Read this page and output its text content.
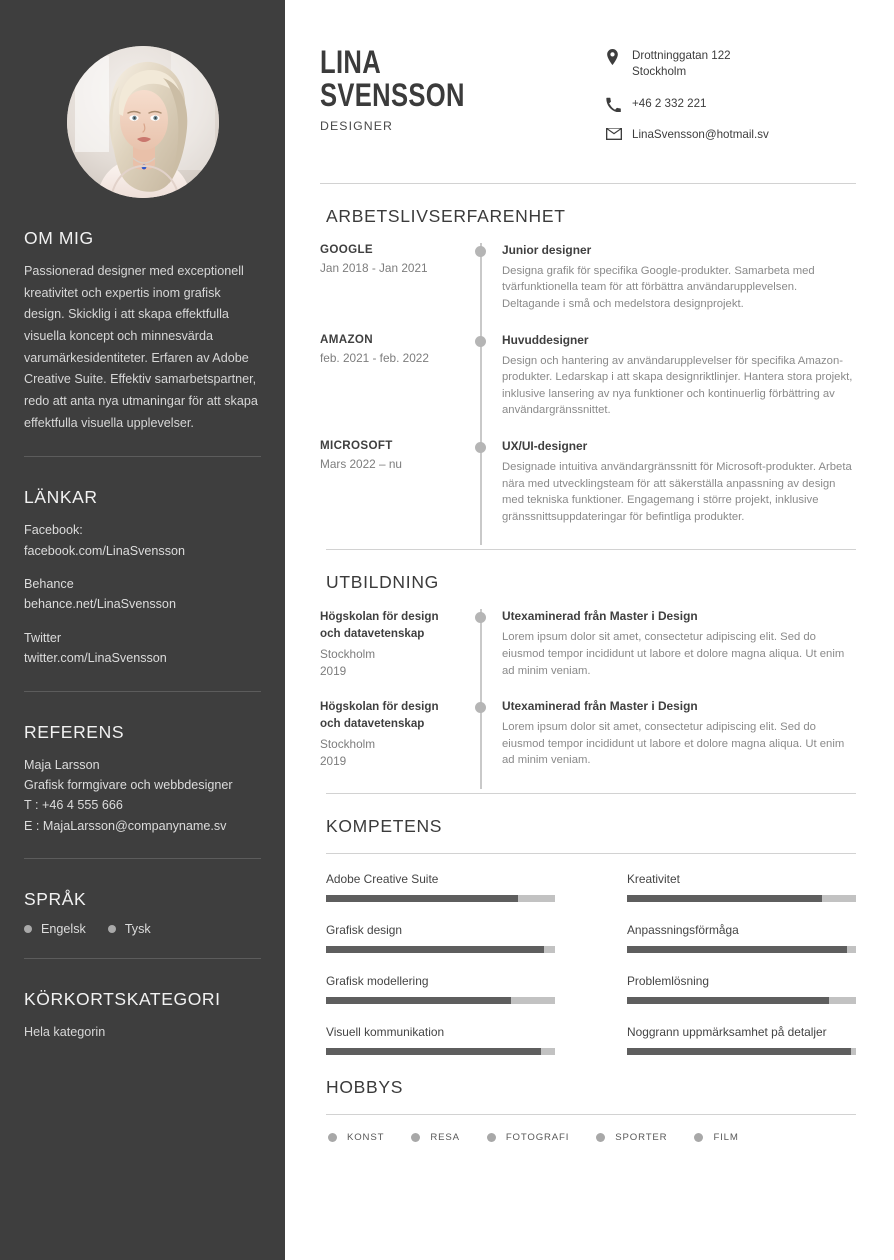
OM MIG

Passionerad designer med exceptionell kreativitet och expertis inom grafisk design. Skicklig i att skapa effektfulla visuella koncept och minnesvärda varumärkesidentiteter. Erfaren av Adobe Creative Suite. Effektiv samarbetspartner, redo att anta nya utmaningar för att skapa effektfulla visuella upplevelser.

LÄNKAR
Facebook:
facebook.com/LinaSvensson
Behance
behance.net/LinaSvensson
Twitter
twitter.com/LinaSvensson
REFERENS
Maja Larsson
Grafisk formgivare och webbdesigner
T : +46 4 555 666
E : MajaLarsson@companyname.sv
SPRÅK
Engelsk	Tysk
KÖRKORTSKATEGORI
Hela kategorin
LINA
SVENSSON
DESIGNER
Drottninggatan 122
Stockholm
+46 2 332 221
LinaSvensson@hotmail.sv
ARBETSLIVSERFARENHET
GOOGLE
Jan 2018 - Jan 2021
Junior designer
Designa grafik för specifika Google-produkter. Samarbeta med tvärfunktionella team för att förbättra användarupplevelsen. Deltagande i små och medelstora designprojekt.
AMAZON
feb. 2021 - feb. 2022
Huvuddesigner
Design och hantering av användarupplevelser för specifika Amazon-produkter. Ledarskap i att skapa designriktlinjer. Hantera stora projekt, inklusive lansering av nya funktioner och kontinuerlig förbättring av användargränssnittet.
MICROSOFT
Mars 2022 – nu
UX/UI-designer
Designade intuitiva användargränssnitt för Microsoft-produkter. Arbeta nära med utvecklingsteam för att säkerställa anpassning av design med tekniska funktioner. Engagemang i större projekt, inklusive gränssnittsuppdateringar för befintliga produkter.
UTBILDNING
Högskolan för design och datavetenskap
Stockholm
2019
Utexaminerad från Master i Design
Lorem ipsum dolor sit amet, consectetur adipiscing elit. Sed do eiusmod tempor incididunt ut labore et dolore magna aliqua. Ut enim ad minim veniam.
Högskolan för design och datavetenskap
Stockholm
2019
Utexaminerad från Master i Design
Lorem ipsum dolor sit amet, consectetur adipiscing elit. Sed do eiusmod tempor incididunt ut labore et dolore magna aliqua. Ut enim ad minim veniam.
KOMPETENS
Adobe Creative Suite	Kreativitet
Grafisk design	Anpassningsförmåga
Grafisk modellering	Problemlösning
Visuell kommunikation	Noggrann uppmärksamhet på detaljer
HOBBYS
KONST	RESA	FOTOGRAFI	SPORTER	FILM
